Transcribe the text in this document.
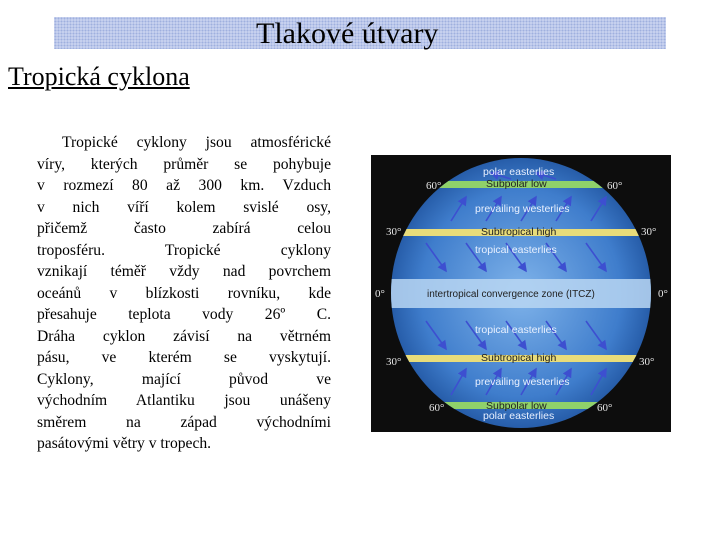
Tlakové útvary
Tropická cyklona
Tropické cyklony jsou atmosférické
víry, kterých průměr se pohybuje
v rozmezí 80 až 300 km. Vzduch
v nich víří kolem svislé osy,
přičemž často zabírá celou
troposféru. Tropické cyklony
vznikají téměř vždy nad povrchem
oceánů v blízkosti rovníku, kde
přesahuje teplota vody 26º C.
Dráha cyklon závisí na větrném
pásu, ve kterém se vyskytují.
Cyklony, mající původ ve
východním Atlantiku jsou unášeny
směrem na západ východními
pasátovými větry v tropech.
polar easterlies
Subpolar low
prevailing westerlies
Subtropical high
tropical easterlies
intertropical convergence zone (ITCZ)
tropical easterlies
Subtropical high
prevailing westerlies
Subpolar low
polar easterlies
60°	60°
30°	30°
0°	0°
30°	30°
60°	60°
